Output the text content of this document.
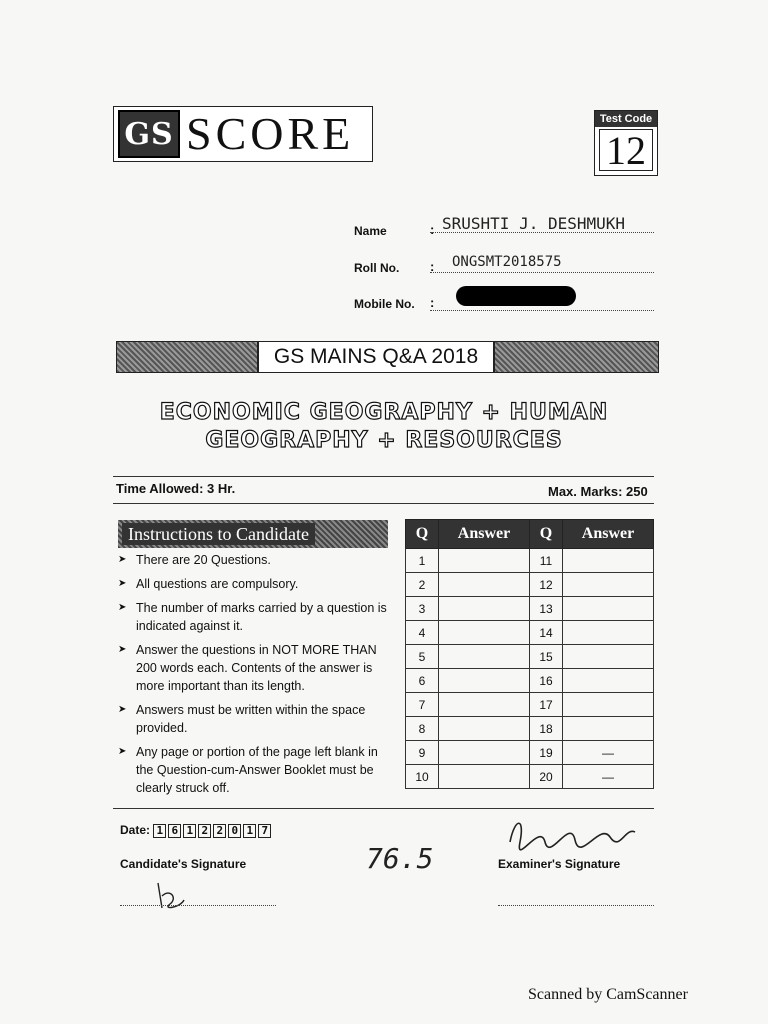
GS SCORE	Test Code
12
Name	: SRUSHTI J. DESHMUKH
Roll No. : ONGSMT2018575
Mobile No. :
GS MAINS Q&A 2018
ECONOMIC GEOGRAPHY + HUMAN
GEOGRAPHY + RESOURCES
Time Allowed: 3 Hr.	Max. Marks: 250
Instructions to Candidate
➤ There are 20 Questions.
➤ All questions are compulsory.
➤ The number of marks carried by a question is indicated against it.
➤ Answer the questions in NOT MORE THAN 200 words each. Contents of the answer is more important than its length.
➤ Answers must be written within the space provided.
➤ Any page or portion of the page left blank in the Question-cum-Answer Booklet must be clearly struck off.
Q	Answer	Q	Answer
1		11	
2		12	
3		13	
4		14	
5		15	
6		16	
7		17	
8		18	
9		19	—
10		20	—
Date: 1 6 1 2 2 0 1 7
76.5
Candidate's Signature	Examiner's Signature
Scanned by CamScanner
